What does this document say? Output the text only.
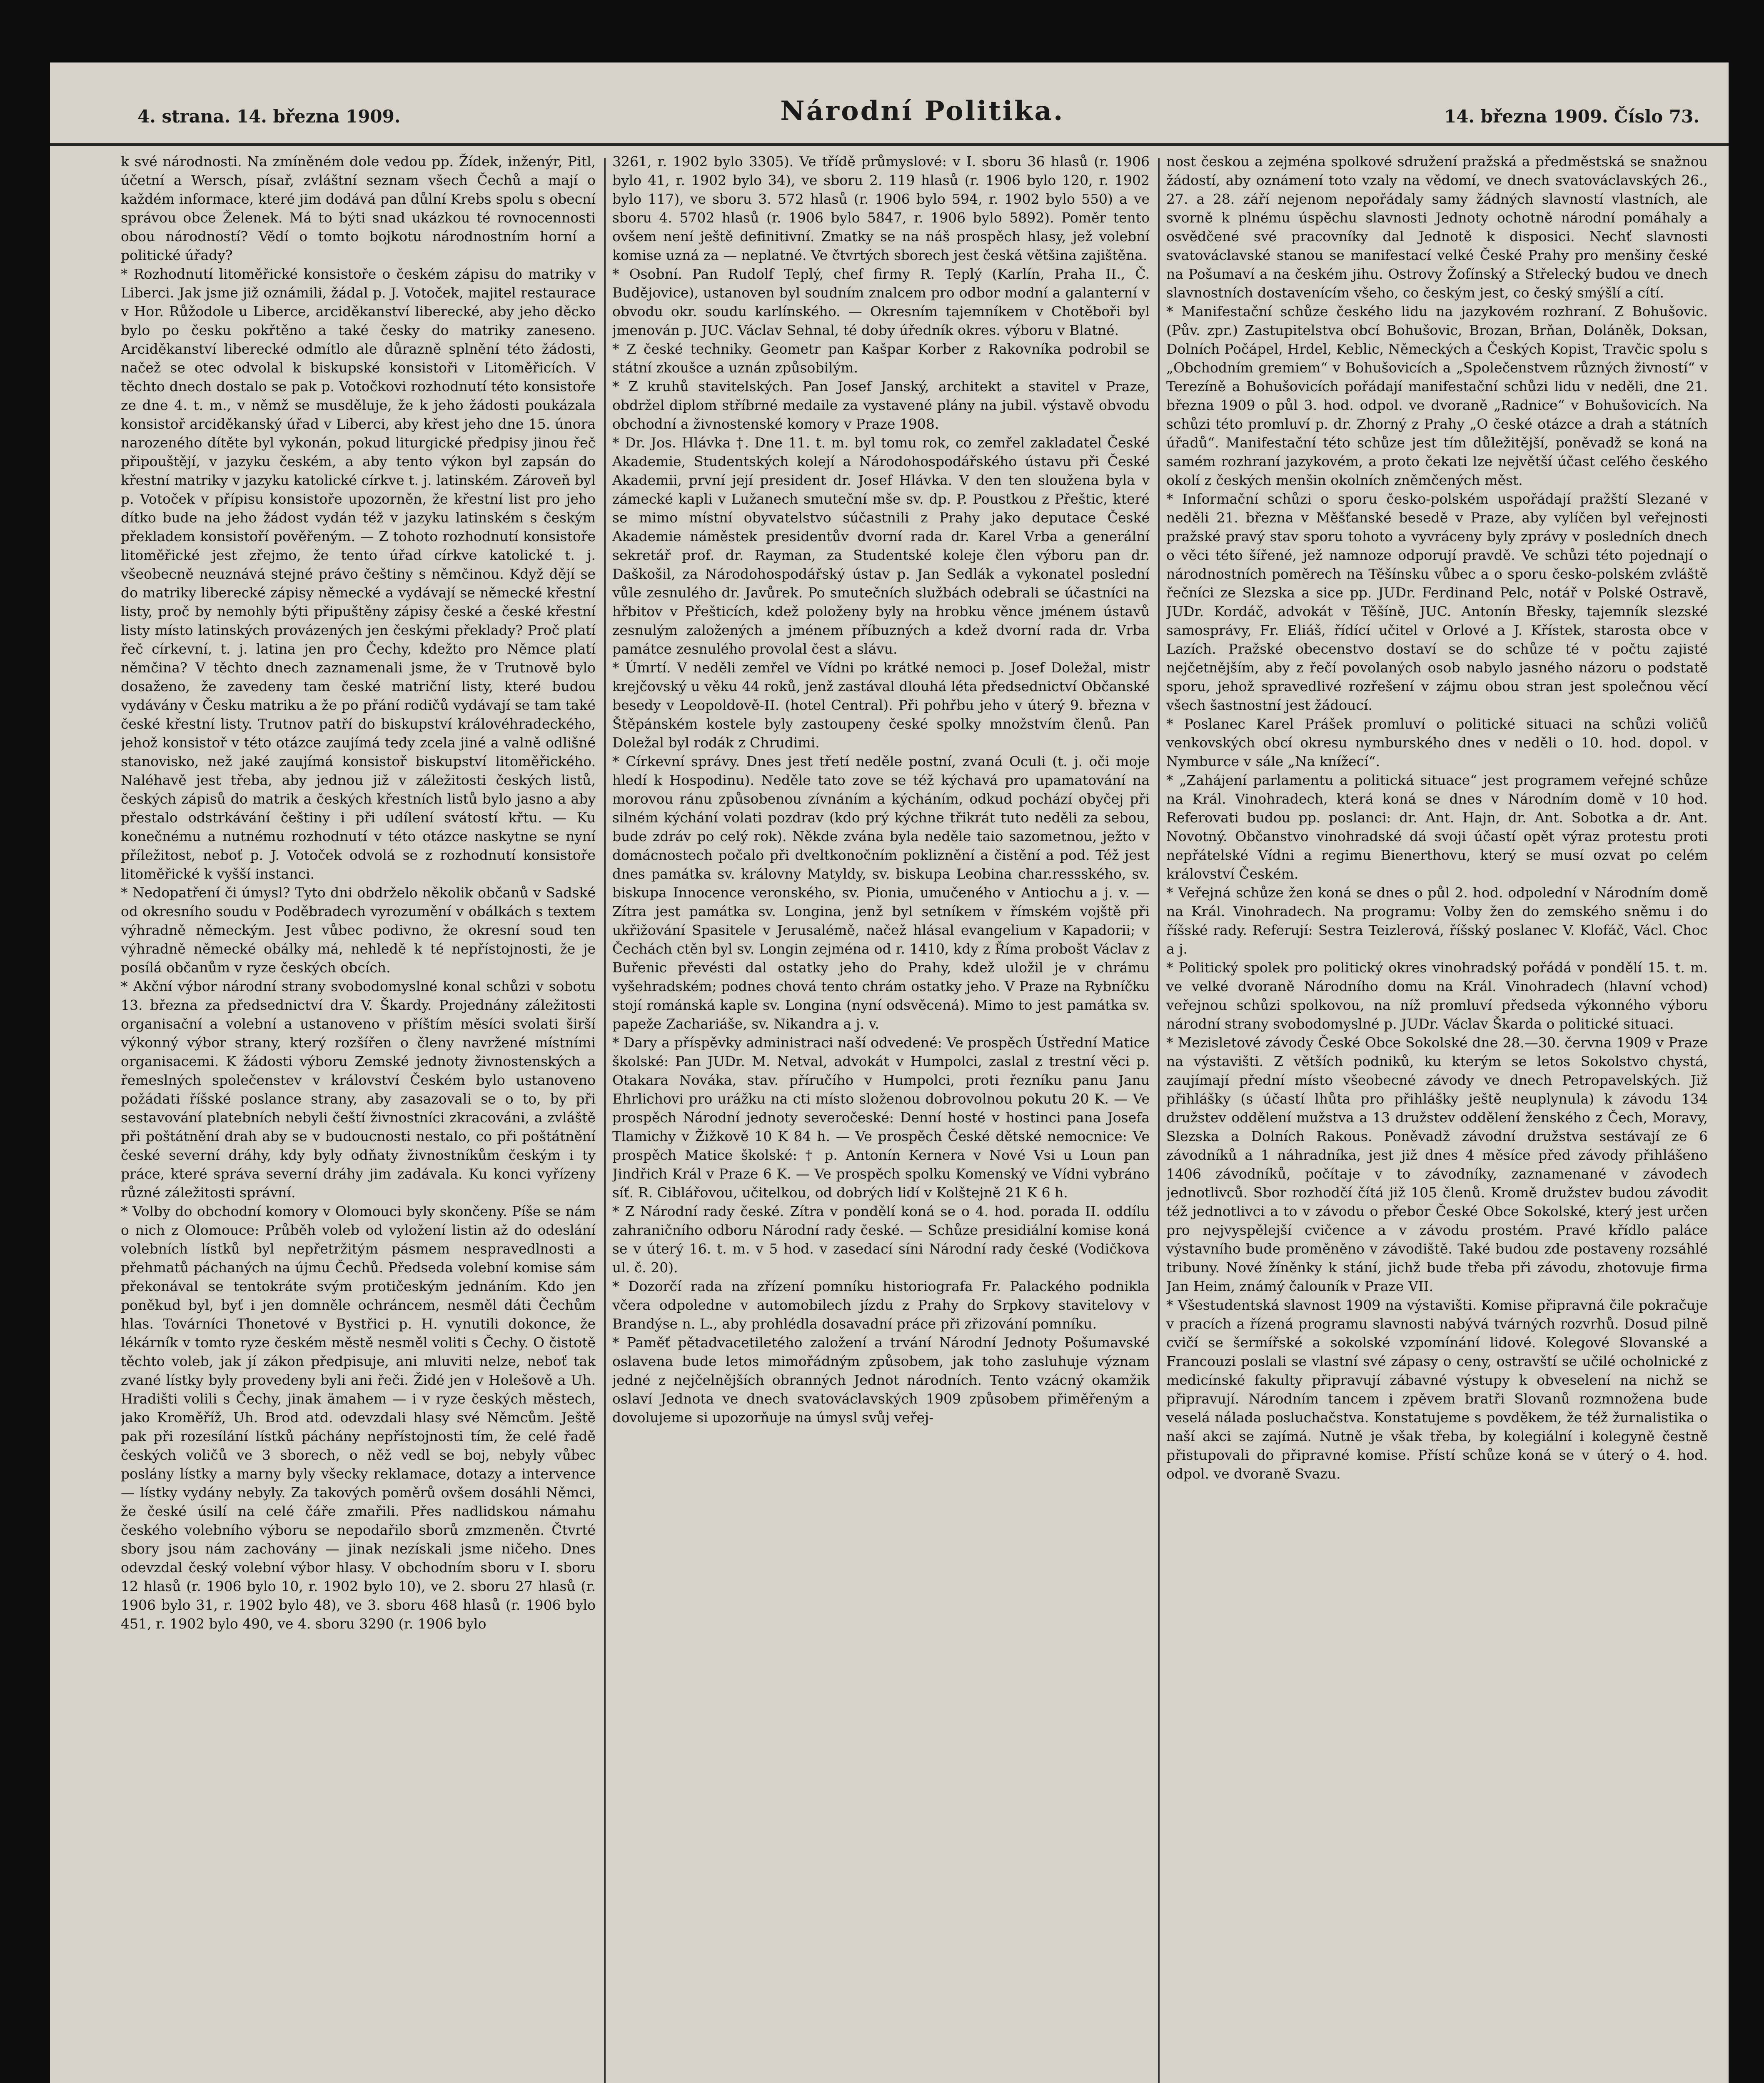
4. strana. 14. března 1909.	Národní Politika.	14. března 1909. Číslo 73.

k své národnosti. Na zmíněném dole vedou pp. Žídek, inženýr, Pitl, účetní a Wersch, písař, zvláštní seznam všech Čechů a mají o každém informace, které jim dodává pan důlní Krebs spolu s obecní správou obce Želenek. Má to býti snad ukázkou té rovnocennosti obou národností? Vědí o tomto bojkotu národnostním horní a politické úřady?

* Rozhodnutí litoměřické konsistoře o českém zápisu do matriky v Liberci. Jak jsme již oznámili, žádal p. J. Votoček, majitel restaurace v Hor. Růžodole u Liberce, arciděkanství liberecké, aby jeho děcko bylo po česku pokřtěno a také česky do matriky zaneseno. Arciděkanství liberecké odmítlo ale důrazně splnění této žádosti, načež se otec odvolal k biskupské konsistoři v Litoměřicích. V těchto dnech dostalo se pak p. Votočkovi rozhodnutí této konsistoře ze dne 4. t. m., v němž se musděluje, že k jeho žádosti poukázala konsistoř arciděkanský úřad v Liberci, aby křest jeho dne 15. února narozeného dítěte byl vykonán, pokud liturgické předpisy jinou řeč připouštějí, v jazyku českém, a aby tento výkon byl zapsán do křestní matriky v jazyku katolické církve t. j. latinském. Zároveň byl p. Votoček v přípisu konsistoře upozorněn, že křestní list pro jeho dítko bude na jeho žádost vydán též v jazyku latinském s českým překladem konsistoří pověřeným. — Z tohoto rozhodnutí konsistoře litoměřické jest zřejmo, že tento úřad církve katolické t. j. všeobecně neuznává stejné právo češtiny s němčinou. Když dějí se do matriky liberecké zápisy německé a vydávají se německé křestní listy, proč by nemohly býti připuštěny zápisy české a české křestní listy místo latinských provázených jen českými překlady? Proč platí řeč církevní, t. j. latina jen pro Čechy, kdežto pro Němce platí němčina? V těchto dnech zaznamenali jsme, že v Trutnově bylo dosaženo, že zavedeny tam české matriční listy, které budou vydávány v Česku matriku a že po přání rodičů vydávají se tam také české křestní listy. Trutnov patří do biskupství královéhradeckého, jehož konsistoř v této otázce zaujímá tedy zcela jiné a valně odlišné stanovisko, než jaké zaujímá konsistoř biskupství litoměřického. Naléhavě jest třeba, aby jednou již v záležitosti českých listů, českých zápisů do matrik a českých křestních listů bylo jasno a aby přestalo odstrkávání češtiny i při udílení svátostí křtu. — Ku konečnému a nutnému rozhodnutí v této otázce naskytne se nyní příležitost, neboť p. J. Votoček odvolá se z rozhodnutí konsistoře litoměřické k vyšší instanci.

* Nedopatření či úmysl? Tyto dni obdrželo několik občanů v Sadské od okresního soudu v Poděbradech vyrozumění v obálkách s textem výhradně německým. Jest vůbec podivno, že okresní soud ten výhradně německé obálky má, nehledě k té nepřístojnosti, že je posílá občanům v ryze českých obcích.

* Akční výbor národní strany svobodomyslné konal schůzi v sobotu 13. března za předsednictví dra V. Škardy. Projednány záležitosti organisační a volební a ustanoveno v příštím měsíci svolati širší výkonný výbor strany, který rozšířen o členy navržené místními organisacemi. K žádosti výboru Zemské jednoty živnostenských a řemeslných společenstev v království Českém bylo ustanoveno požádati říšské poslance strany, aby zasazovali se o to, by při sestavování platebních nebyli čeští živnostníci zkracováni, a zvláště při poštátnění drah aby se v budoucnosti nestalo, co při poštátnění české severní dráhy, kdy byly odňaty živnostníkům českým i ty práce, které správa severní dráhy jim zadávala. Ku konci vyřízeny různé záležitosti správní.

* Volby do obchodní komory v Olomouci byly skončeny. Píše se nám o nich z Olomouce: Průběh voleb od vyložení listin až do odeslání volebních lístků byl nepřetržitým pásmem nespravedlnosti a přehmatů páchaných na újmu Čechů. Předseda volební komise sám překonával se tentokráte svým protičeským jednáním. Kdo jen poněkud byl, byť i jen domněle ochráncem, nesměl dáti Čechům hlas. Továrníci Thonetové v Bystřici p. H. vynutili dokonce, že lékárník v tomto ryze českém městě nesměl voliti s Čechy. O čistotě těchto voleb, jak jí zákon předpisuje, ani mluviti nelze, neboť tak zvané lístky byly provedeny byli ani řeči. Židé jen v Holešově a Uh. Hradišti volili s Čechy, jinak ämahem — i v ryze českých městech, jako Kroměříž, Uh. Brod atd. odevzdali hlasy své Němcům. Ještě pak při rozesílání lístků páchány nepřístojnosti tím, že celé řadě českých voličů ve 3 sborech, o něž vedl se boj, nebyly vůbec poslány lístky a marny byly všecky reklamace, dotazy a intervence — lístky vydány nebyly. Za takových poměrů ovšem dosáhli Němci, že české úsilí na celé čáře zmařili. Přes nadlidskou námahu českého volebního výboru se nepodařilo sborů zmzmeněn. Čtvrté sbory jsou nám zachovány — jinak nezískali jsme ničeho. Dnes odevzdal český volební výbor hlasy. V obchodním sboru v I. sboru 12 hlasů (r. 1906 bylo 10, r. 1902 bylo 10), ve 2. sboru 27 hlasů (r. 1906 bylo 31, r. 1902 bylo 48), ve 3. sboru 468 hlasů (r. 1906 bylo 451, r. 1902 bylo 490, ve 4. sboru 3290 (r. 1906 bylo

3261, r. 1902 bylo 3305). Ve třídě průmyslové: v I. sboru 36 hlasů (r. 1906 bylo 41, r. 1902 bylo 34), ve sboru 2. 119 hlasů (r. 1906 bylo 120, r. 1902 bylo 117), ve sboru 3. 572 hlasů (r. 1906 bylo 594, r. 1902 bylo 550) a ve sboru 4. 5702 hlasů (r. 1906 bylo 5847, r. 1906 bylo 5892). Poměr tento ovšem není ještě definitivní. Zmatky se na náš prospěch hlasy, jež volební komise uzná za — neplatné. Ve čtvrtých sborech jest česká většina zajištěna.

* Osobní. Pan Rudolf Teplý, chef firmy R. Teplý (Karlín, Praha II., Č. Budějovice), ustanoven byl soudním znalcem pro odbor modní a galanterní v obvodu okr. soudu karlínského. — Okresním tajemníkem v Chotěboři byl jmenován p. JUC. Václav Sehnal, té doby úředník okres. výboru v Blatné.

* Z české techniky. Geometr pan Kašpar Korber z Rakovníka podrobil se státní zkoušce a uznán způsobilým.

* Z kruhů stavitelských. Pan Josef Janský, architekt a stavitel v Praze, obdržel diplom stříbrné medaile za vystavené plány na jubil. výstavě obvodu obchodní a živnostenské komory v Praze 1908.

* Dr. Jos. Hlávka †. Dne 11. t. m. byl tomu rok, co zemřel zakladatel České Akademie, Studentských kolejí a Národohospodářského ústavu při České Akademii, první její president dr. Josef Hlávka. V den ten sloužena byla v zámecké kapli v Lužanech smuteční mše sv. dp. P. Poustkou z Přeštic, které se mimo místní obyvatelstvo súčastnili z Prahy jako deputace České Akademie náměstek presidentův dvorní rada dr. Karel Vrba a generální sekretář prof. dr. Rayman, za Studentské koleje člen výboru pan dr. Daškošil, za Národohospodářský ústav p. Jan Sedlák a vykonatel poslední vůle zesnulého dr. Javůrek. Po smutečních službách odebrali se účastníci na hřbitov v Přešticích, kdež položeny byly na hrobku věnce jménem ústavů zesnulým založených a jménem příbuzných a kdež dvorní rada dr. Vrba památce zesnulého provolal čest a slávu.

* Úmrtí. V neděli zemřel ve Vídni po krátké nemoci p. Josef Doležal, mistr krejčovský u věku 44 roků, jenž zastával dlouhá léta předsednictví Občanské besedy v Leopoldově-II. (hotel Central). Při pohřbu jeho v úterý 9. března v Štěpánském kostele byly zastoupeny české spolky množstvím členů. Pan Doležal byl rodák z Chrudimi.

* Církevní správy. Dnes jest třetí neděle postní, zvaná Oculi (t. j. oči moje hledí k Hospodinu). Neděle tato zove se též kýchavá pro upamatování na morovou ránu způsobenou zívnáním a kýcháním, odkud pochází obyčej při silném kýchání volati pozdrav (kdo prý kýchne třikrát tuto neděli za sebou, bude zdráv po celý rok). Někde zvána byla neděle taio sazometnou, ježto v domácnostech počalo při dveltkonočním pokliznění a čistění a pod. Též jest dnes památka sv. královny Matyldy, sv. biskupa Leobina char.ressského, sv. biskupa Innocence veronského, sv. Pionia, umučeného v Antiochu a j. v. — Zítra jest památka sv. Longina, jenž byl setníkem v římském vojště při ukřižování Spasitele v Jerusalémě, načež hlásal evangelium v Kapadorii; v Čechách ctěn byl sv. Longin zejména od r. 1410, kdy z Říma probošt Václav z Buřenic převésti dal ostatky jeho do Prahy, kdež uložil je v chrámu vyšehradském; podnes chová tento chrám ostatky jeho. V Praze na Rybníčku stojí románská kaple sv. Longina (nyní odsvěcená). Mimo to jest památka sv. papeže Zachariáše, sv. Nikandra a j. v.

* Dary a příspěvky administraci naší odvedené: Ve prospěch Ústřední Matice školské: Pan JUDr. M. Netval, advokát v Humpolci, zaslal z trestní věci p. Otakara Nováka, stav. příručího v Humpolci, proti řezníku panu Janu Ehrlichovi pro urážku na cti místo složenou dobrovolnou pokutu 20 K. — Ve prospěch Národní jednoty severočeské: Denní hosté v hostinci pana Josefa Tlamichy v Žižkově 10 K 84 h. — Ve prospěch České dětské nemocnice: Ve prospěch Matice školské: † p. Antonín Kernera v Nové Vsi u Loun pan Jindřich Král v Praze 6 K. — Ve prospěch spolku Komenský ve Vídni vybráno síť. R. Ciblářovou, učitelkou, od dobrých lidí v Kolštejně 21 K 6 h.

* Z Národní rady české. Zítra v pondělí koná se o 4. hod. porada II. oddílu zahraničního odboru Národní rady české. — Schůze presidiální komise koná se v úterý 16. t. m. v 5 hod. v zasedací síni Národní rady české (Vodičkova ul. č. 20).

* Dozorčí rada na zřízení pomníku historiografa Fr. Palackého podnikla včera odpoledne v automobilech jízdu z Prahy do Srpkovy stavitelovy v Brandýse n. L., aby prohlédla dosavadní práce při zřizování pomníku.

* Paměť pětadvacetiletého založení a trvání Národní Jednoty Pošumavské oslavena bude letos mimořádným způsobem, jak toho zasluhuje význam jedné z nejčelnějších obranných Jednot národních. Tento vzácný okamžik oslaví Jednota ve dnech svatováclavských 1909 způsobem přiměřeným a dovolujeme si upozorňuje na úmysl svůj veřej-

nost českou a zejména spolkové sdružení pražská a předměstská se snažnou žádostí, aby oznámení toto vzaly na vědomí, ve dnech svatováclavských 26., 27. a 28. září nejenom nepořádaly samy žádných slavností vlastních, ale svorně k plnému úspěchu slavnosti Jednoty ochotně národní pomáhaly a osvědčené své pracovníky dal Jednotě k disposici. Nechť slavnosti svatováclavské stanou se manifestací velké České Prahy pro menšiny české na Pošumaví a na českém jihu. Ostrovy Žofínský a Střelecký budou ve dnech slavnostních dostavenícím všeho, co českým jest, co český smýšlí a cítí.

* Manifestační schůze českého lidu na jazykovém rozhraní. Z Bohušovic. (Pův. zpr.) Zastupitelstva obcí Bohušovic, Brozan, Brňan, Doláněk, Doksan, Dolních Počápel, Hrdel, Keblic, Německých a Českých Kopist, Travčic spolu s „Obchodním gremiem“ v Bohušovicích a „Společenstvem různých živností“ v Terezíně a Bohušovicích pořádají manifestační schůzi lidu v neděli, dne 21. března 1909 o půl 3. hod. odpol. ve dvoraně „Radnice“ v Bohušovicích. Na schůzi této promluví p. dr. Zhorný z Prahy „O české otázce a drah a státních úřadů“. Manifestační této schůze jest tím důležitější, poněvadž se koná na samém rozhraní jazykovém, a proto čekati lze největší účast ceľého českého okolí z českých menšin okolních zněmčených měst.

* Informační schůzi o sporu česko-polském uspořádají pražští Slezané v neděli 21. března v Měšťanské besedě v Praze, aby vylíčen byl veřejnosti pražské pravý stav sporu tohoto a vyvráceny byly zprávy v posledních dnech o věci této šířené, jež namnoze odporují pravdě. Ve schůzi této pojednají o národnostních poměrech na Těšínsku vůbec a o sporu česko-polském zvláště řečníci ze Slezska a sice pp. JUDr. Ferdinand Pelc, notář v Polské Ostravě, JUDr. Kordáč, advokát v Těšíně, JUC. Antonín Břesky, tajemník slezské samosprávy, Fr. Eliáš, řídící učitel v Orlové a J. Křístek, starosta obce v Lazích. Pražské obecenstvo dostaví se do schůze té v počtu zajisté nejčetnějším, aby z řečí povolaných osob nabylo jasného názoru o podstatě sporu, jehož spravedlivé rozřešení v zájmu obou stran jest společnou věcí všech šastnostní jest žádoucí.

* Poslanec Karel Prášek promluví o politické situaci na schůzi voličů venkovských obcí okresu nymburského dnes v neděli o 10. hod. dopol. v Nymburce v sále „Na knížecí“.

* „Zahájení parlamentu a politická situace“ jest programem veřejné schůze na Král. Vinohradech, která koná se dnes v Národním domě v 10 hod. Referovati budou pp. poslanci: dr. Ant. Hajn, dr. Ant. Sobotka a dr. Ant. Novotný. Občanstvo vinohradské dá svoji účastí opět výraz protestu proti nepřátelské Vídni a regimu Bienerthovu, který se musí ozvat po celém království Českém.

* Veřejná schůze žen koná se dnes o půl 2. hod. odpolední v Národním domě na Král. Vinohradech. Na programu: Volby žen do zemského sněmu i do říšské rady. Referují: Sestra Teizlerová, říšský poslanec V. Klofáč, Václ. Choc a j.

* Politický spolek pro politický okres vinohradský pořádá v pondělí 15. t. m. ve velké dvoraně Národního domu na Král. Vinohradech (hlavní vchod) veřejnou schůzi spolkovou, na níž promluví předseda výkonného výboru národní strany svobodomyslné p. JUDr. Václav Škarda o politické situaci.

* Mezisletové závody České Obce Sokolské dne 28.—30. června 1909 v Praze na výstavišti. Z větších podniků, ku kterým se letos Sokolstvo chystá, zaujímají přední místo všeobecné závody ve dnech Petropavelských. Již přihlášky (s účastí lhůta pro přihlášky ještě neuplynula) k závodu 134 družstev oddělení mužstva a 13 družstev oddělení ženského z Čech, Moravy, Slezska a Dolních Rakous. Poněvadž závodní družstva sestávají ze 6 závodníků a 1 náhradníka, jest již dnes 4 měsíce před závody přihlášeno 1406 závodníků, počítaje v to závodníky, zaznamenané v závodech jednotlivců. Sbor rozhodčí čítá již 105 členů. Kromě družstev budou závodit též jednotlivci a to v závodu o přebor České Obce Sokolské, který jest určen pro nejvyspělejší cvičence a v závodu prostém. Pravé křídlo paláce výstavního bude proměněno v závodiště. Také budou zde postaveny rozsáhlé tribuny. Nové žíněnky k stání, jichž bude třeba při závodu, zhotovuje firma Jan Heim, známý čalouník v Praze VII.

* Všestudentská slavnost 1909 na výstavišti. Komise připravná čile pokračuje v pracích a řízená programu slavnosti nabývá tvárných rozvrhů. Dosud pilně cvičí se šermířské a sokolské vzpomínání lidové. Kolegové Slovanské a Francouzi poslali se vlastní své zápasy o ceny, ostravští se učilé ocholnické z medicínské fakulty připravují zábavné výstupy k obveselení na nichž se připravují. Národním tancem i zpěvem bratři Slovanů rozmnožena bude veselá nálada posluchačstva. Konstatujeme s povděkem, že též žurnalistika o naší akci se zajímá. Nutně je však třeba, by kolegiální i kolegyně čestně přistupovali do připravné komise. Přístí schůze koná se v úterý o 4. hod. odpol. ve dvoraně Svazu.
